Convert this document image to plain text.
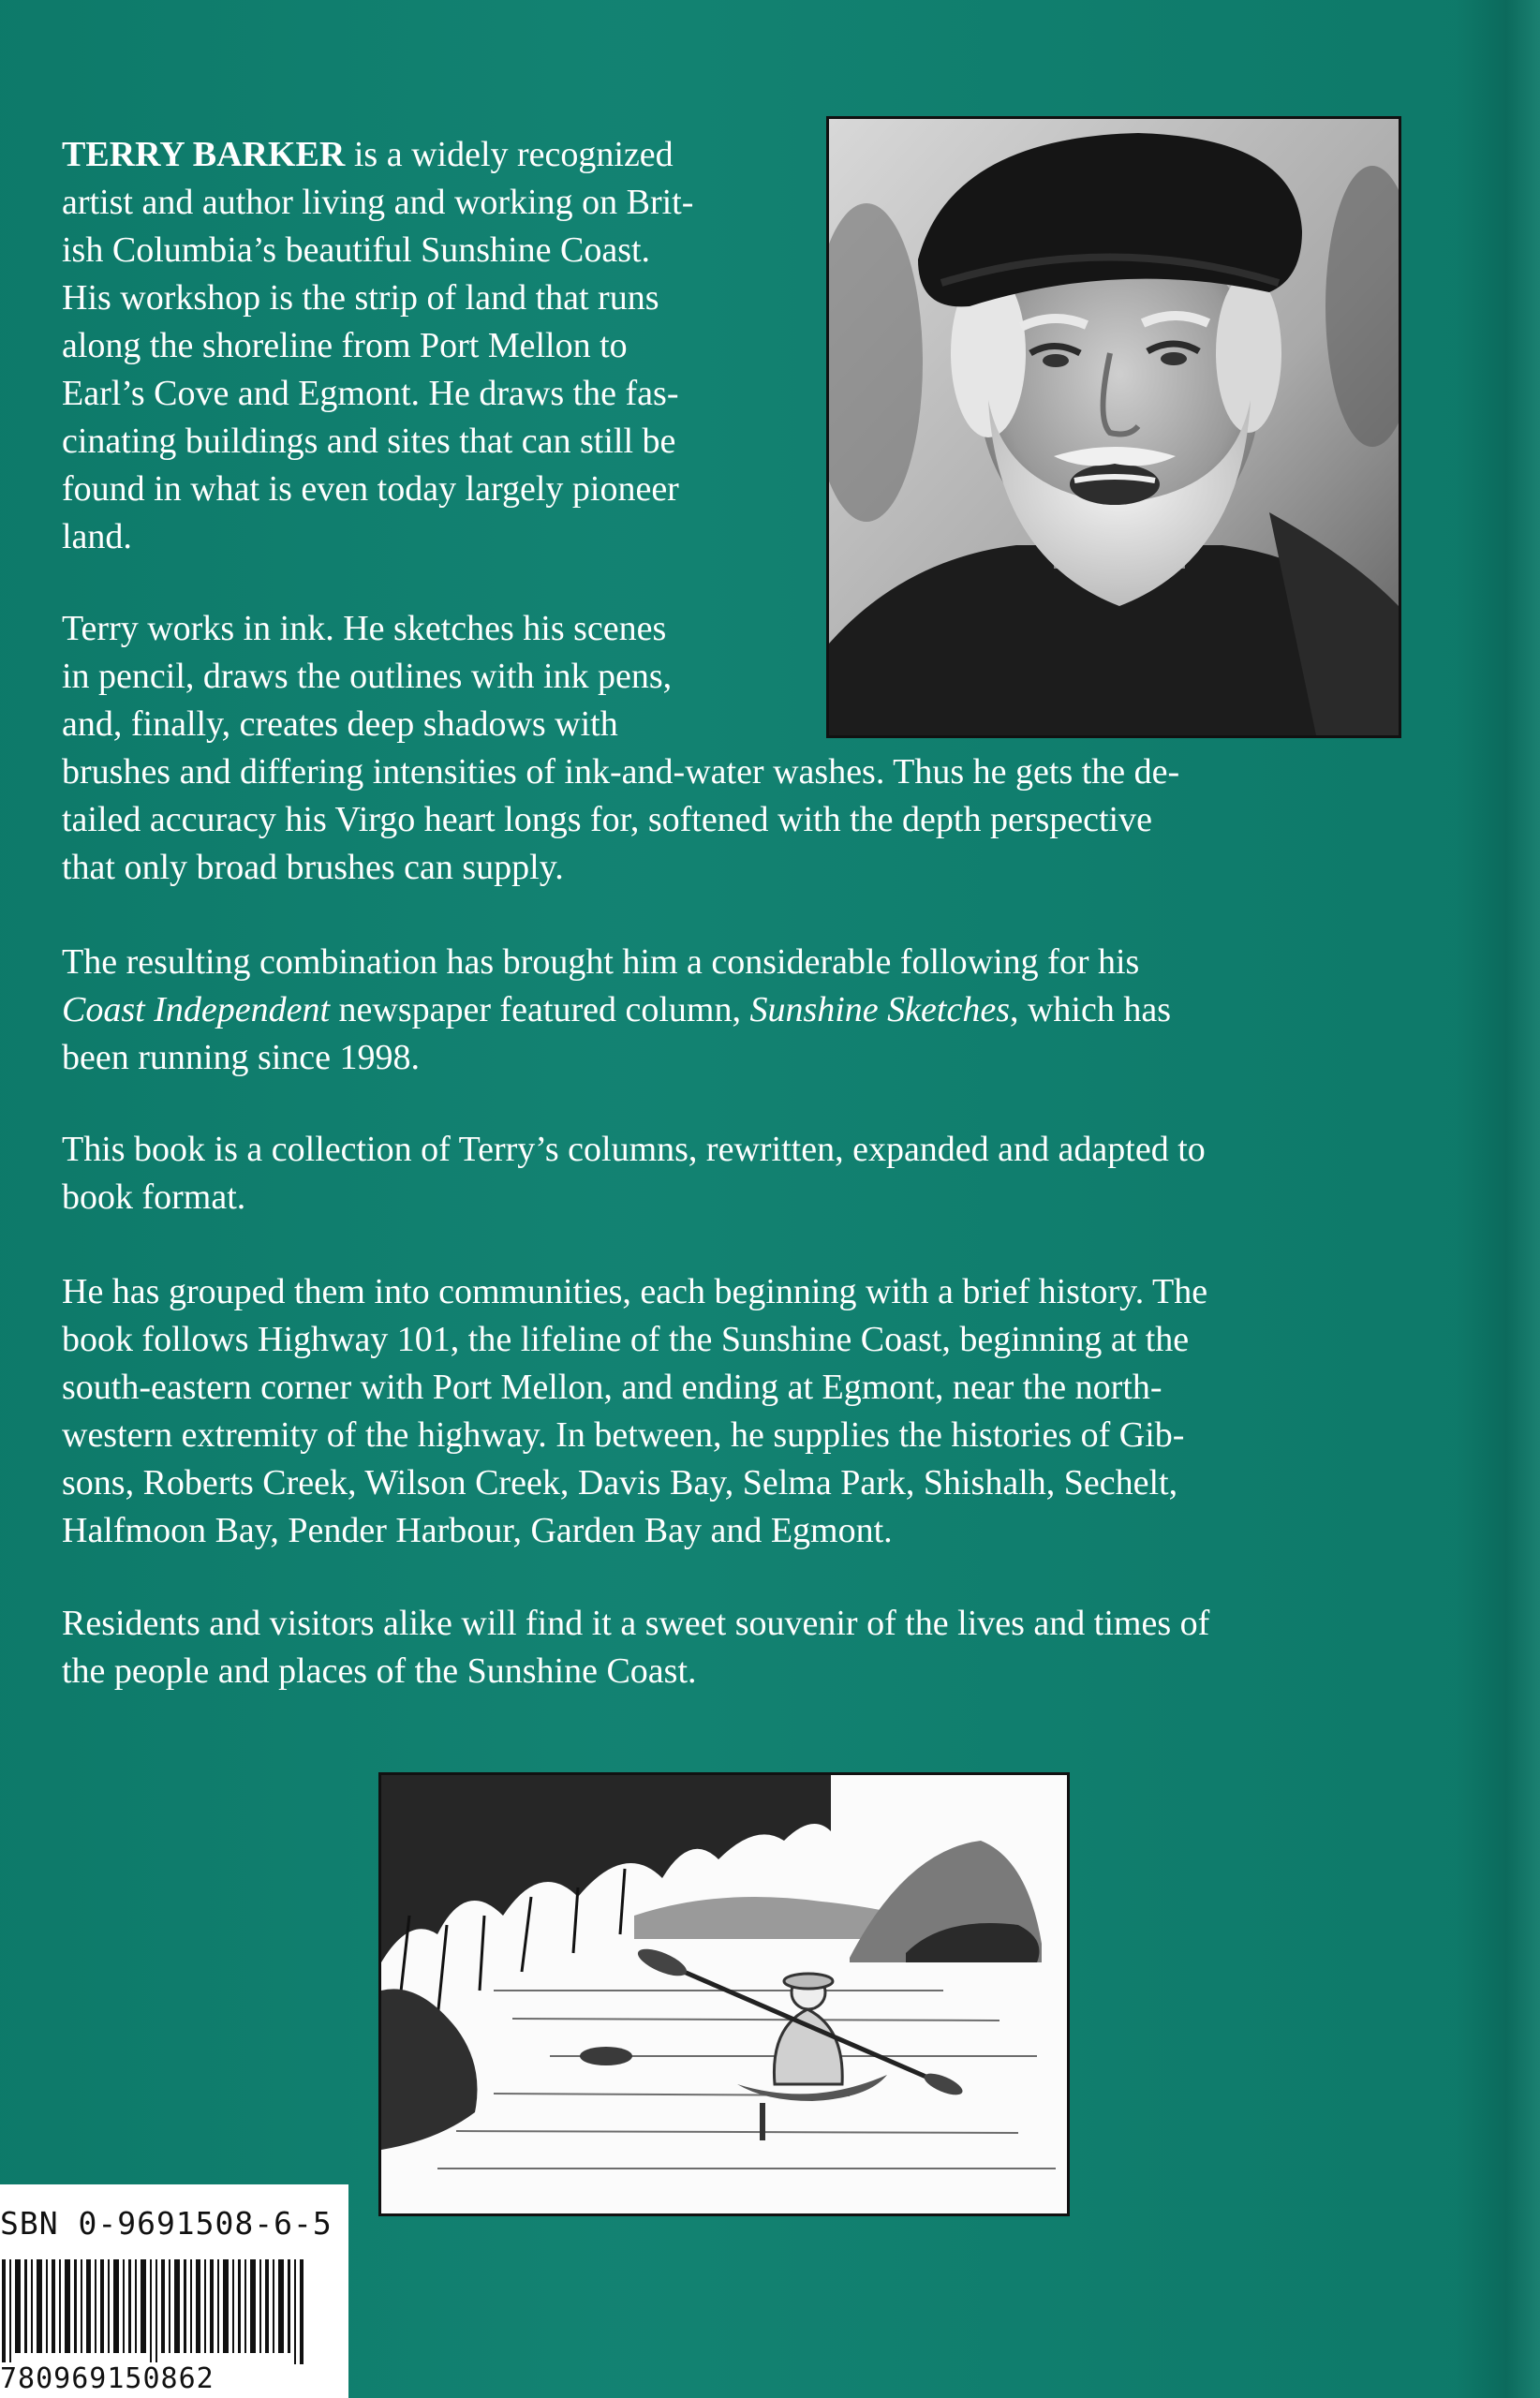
TERRY BARKER is a widely recognized
artist and author living and working on Brit-
ish Columbia’s beautiful Sunshine Coast.
His workshop is the strip of land that runs
along the shoreline from Port Mellon to
Earl’s Cove and Egmont. He draws the fas-
cinating buildings and sites that can still be
found in what is even today largely pioneer
land.

Terry works in ink. He sketches his scenes
in pencil, draws the outlines with ink pens,
and, finally, creates deep shadows with
brushes and differing intensities of ink-and-water washes. Thus he gets the de-
tailed accuracy his Virgo heart longs for, softened with the depth perspective
that only broad brushes can supply.

The resulting combination has brought him a considerable following for his
Coast Independent newspaper featured column, Sunshine Sketches, which has
been running since 1998.

This book is a collection of Terry’s columns, rewritten, expanded and adapted to
book format.

He has grouped them into communities, each beginning with a brief history. The
book follows Highway 101, the lifeline of the Sunshine Coast, beginning at the
south-eastern corner with Port Mellon, and ending at Egmont, near the north-
western extremity of the highway. In between, he supplies the histories of Gib-
sons, Roberts Creek, Wilson Creek, Davis Bay, Selma Park, Shishalh, Sechelt,
Halfmoon Bay, Pender Harbour, Garden Bay and Egmont.

Residents and visitors alike will find it a sweet souvenir of the lives and times of
the people and places of the Sunshine Coast.

SBN 0-9691508-6-5
780969150862
